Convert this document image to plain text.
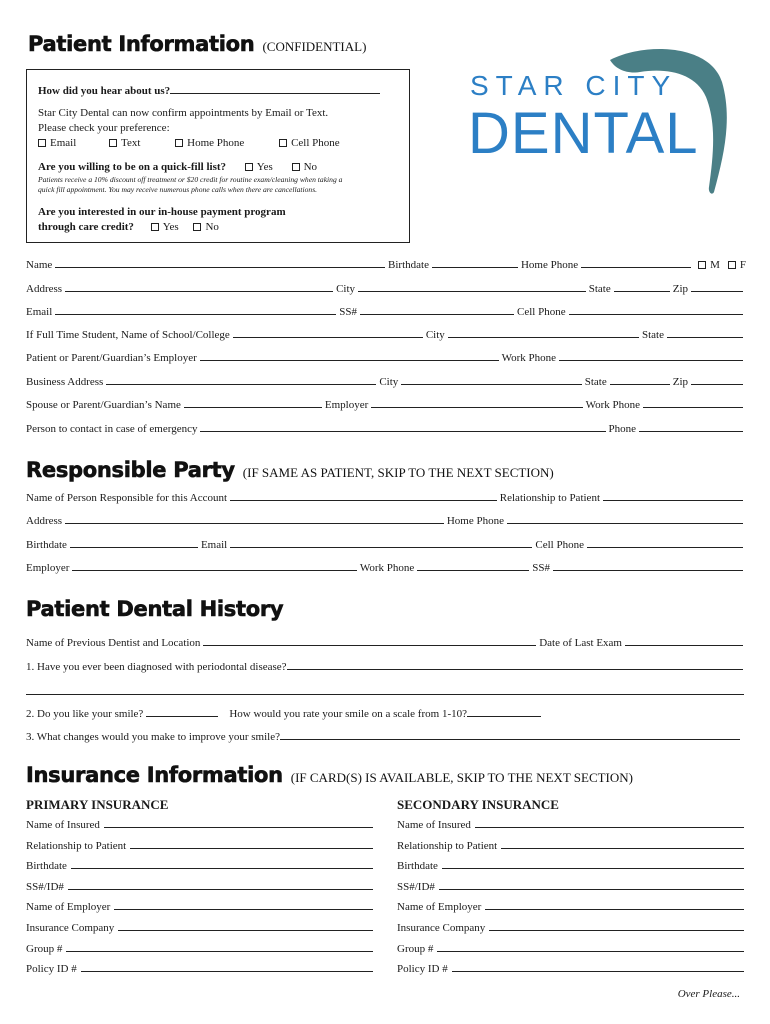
Patient Information (CONFIDENTIAL)
STAR CITY
DENTAL
How did you hear about us?
Star City Dental can now confirm appointments by Email or Text.
Please check your preference:
Email	Text	Home Phone	Cell Phone
Are you willing to be on a quick-fill list?	Yes	No
Patients receive a 10% discount off treatment or $20 credit for routine exam/cleaning when taking a
quick fill appointment. You may receive numerous phone calls when there are cancellations.
Are you interested in our in-house payment program
through care credit?	Yes No
Name	Birthdate	Home Phone	M	F
Address	City	State	Zip
Email	SS#	Cell Phone
If Full Time Student, Name of School/College	City	State
Patient or Parent/Guardian’s Employer	Work Phone
Business Address	City	State	Zip
Spouse or Parent/Guardian’s Name	Employer	Work Phone
Person to contact in case of emergency	Phone
Responsible Party (IF SAME AS PATIENT, SKIP TO THE NEXT SECTION)
Name of Person Responsible for this Account	Relationship to Patient
Address	Home Phone
Birthdate	Email	Cell Phone
Employer	Work Phone	SS#
Patient Dental History
Name of Previous Dentist and Location	Date of Last Exam
1. Have you ever been diagnosed with periodontal disease?
2. Do you like your smile?	How would you rate your smile on a scale from 1-10?
3. What changes would you make to improve your smile?
Insurance Information (IF CARD(S) IS AVAILABLE, SKIP TO THE NEXT SECTION)
PRIMARY INSURANCE	SECONDARY INSURANCE
Name of Insured
Relationship to Patient
Birthdate
SS#/ID#
Name of Employer
Insurance Company
Group #
Policy ID #
Name of Insured
Relationship to Patient
Birthdate
SS#/ID#
Name of Employer
Insurance Company
Group #
Policy ID #
Over Please...
